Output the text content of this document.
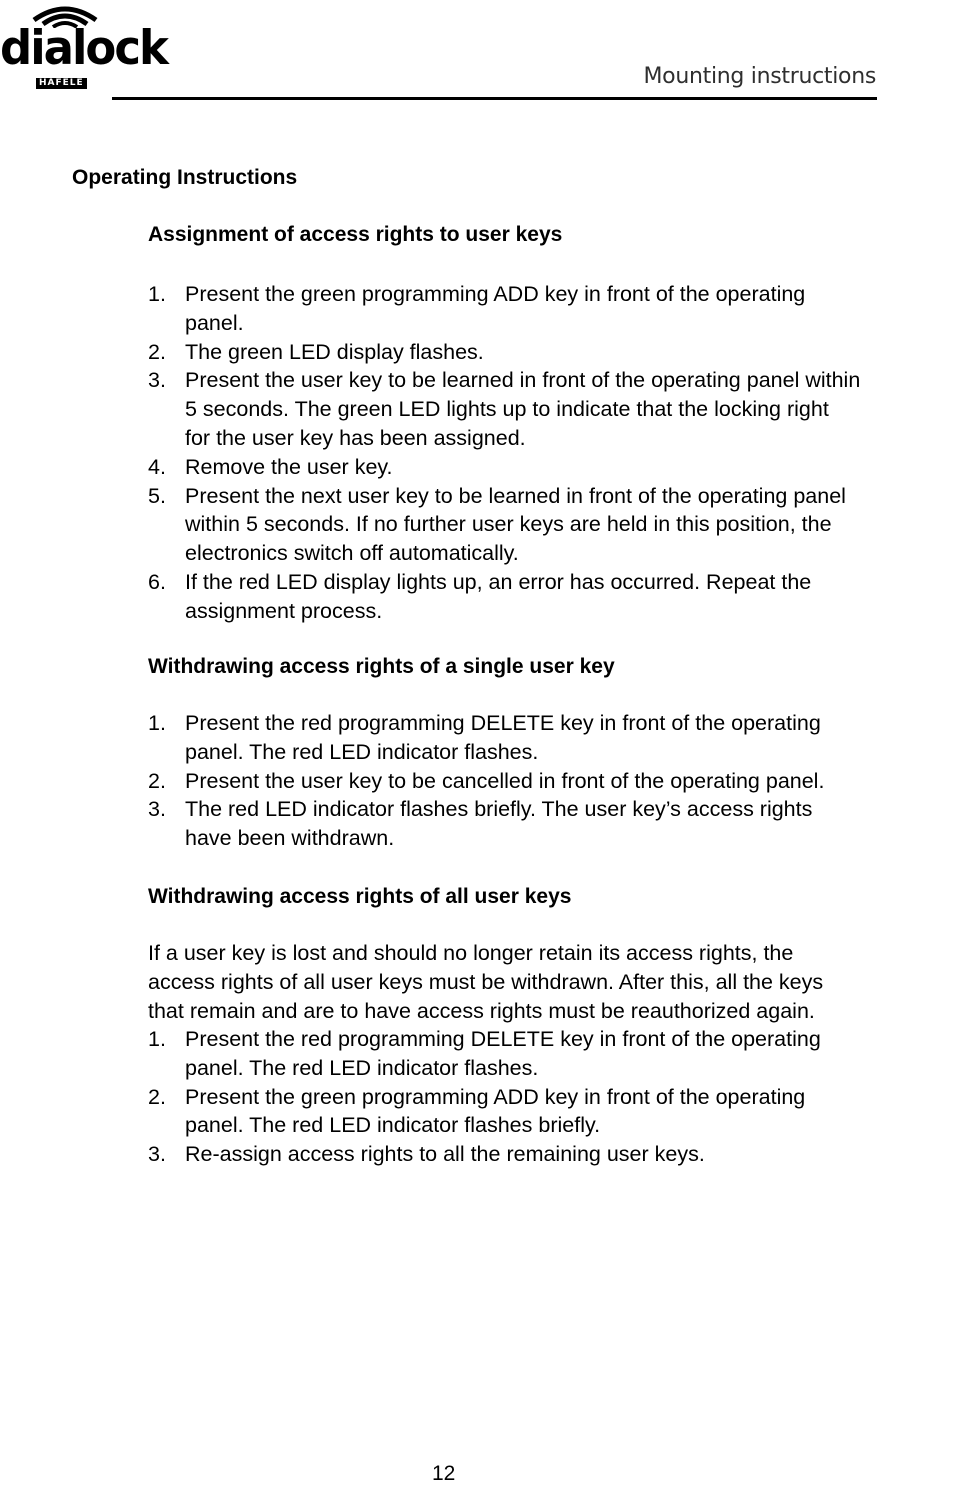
dialock
HÄFELE	Mounting instructions
Operating Instructions
Assignment of access rights to user keys
1. Present the green programming ADD key in front of the operating
panel.
2. The green LED display flashes.
3. Present the user key to be learned in front of the operating panel within
5 seconds. The green LED lights up to indicate that the locking right
for the user key has been assigned.
4. Remove the user key.
5. Present the next user key to be learned in front of the operating panel
within 5 seconds. If no further user keys are held in this position, the
electronics switch off automatically.
6. If the red LED display lights up, an error has occurred. Repeat the
assignment process.
Withdrawing access rights of a single user key
1. Present the red programming DELETE key in front of the operating
panel. The red LED indicator flashes.
2. Present the user key to be cancelled in front of the operating panel.
3. The red LED indicator flashes briefly. The user key’s access rights
have been withdrawn.
Withdrawing access rights of all user keys

If a user key is lost and should no longer retain its access rights, the
access rights of all user keys must be withdrawn. After this, all the keys
that remain and are to have access rights must be reauthorized again.

1. Present the red programming DELETE key in front of the operating
panel. The red LED indicator flashes.
2. Present the green programming ADD key in front of the operating
panel. The red LED indicator flashes briefly.
3. Re-assign access rights to all the remaining user keys.
12
